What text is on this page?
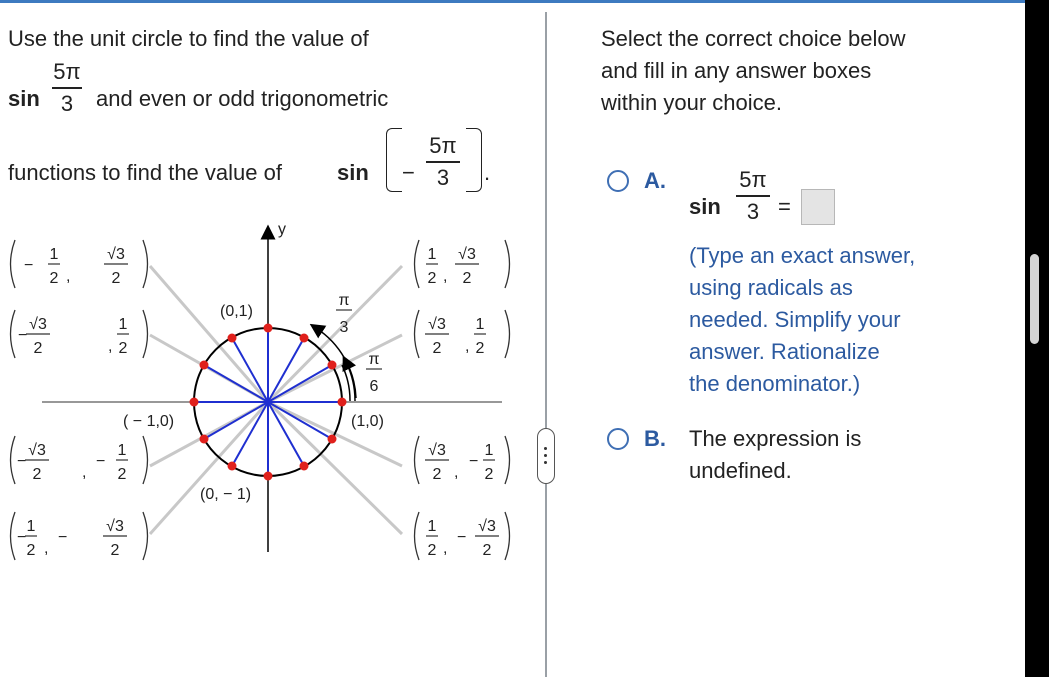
Use the unit circle to find the value of
sin
5π
3	and even or odd trigonometric
functions to find the value of	sin −
5π
3	.
y
(0,1)
( − 1,0)	(1,0)
(0, − 1)
π
3
π
6
−
1
2 ,
√3
2
−
√3
2	,
1
2
−
√3
2	,
−
1
2
−
1
2 ,
−
√3
2
1
2 ,
√3
2
√3
2 ,
1
2
√3
2 ,
−
1
2
1
2 ,
−
√3
2
Select the correct choice below
and fill in any answer boxes
within your choice.
A.
sin
5π
3 =
(Type an exact answer,
using radicals as
needed. Simplify your
answer. Rationalize
the denominator.)
B. The expression is
undefined.
